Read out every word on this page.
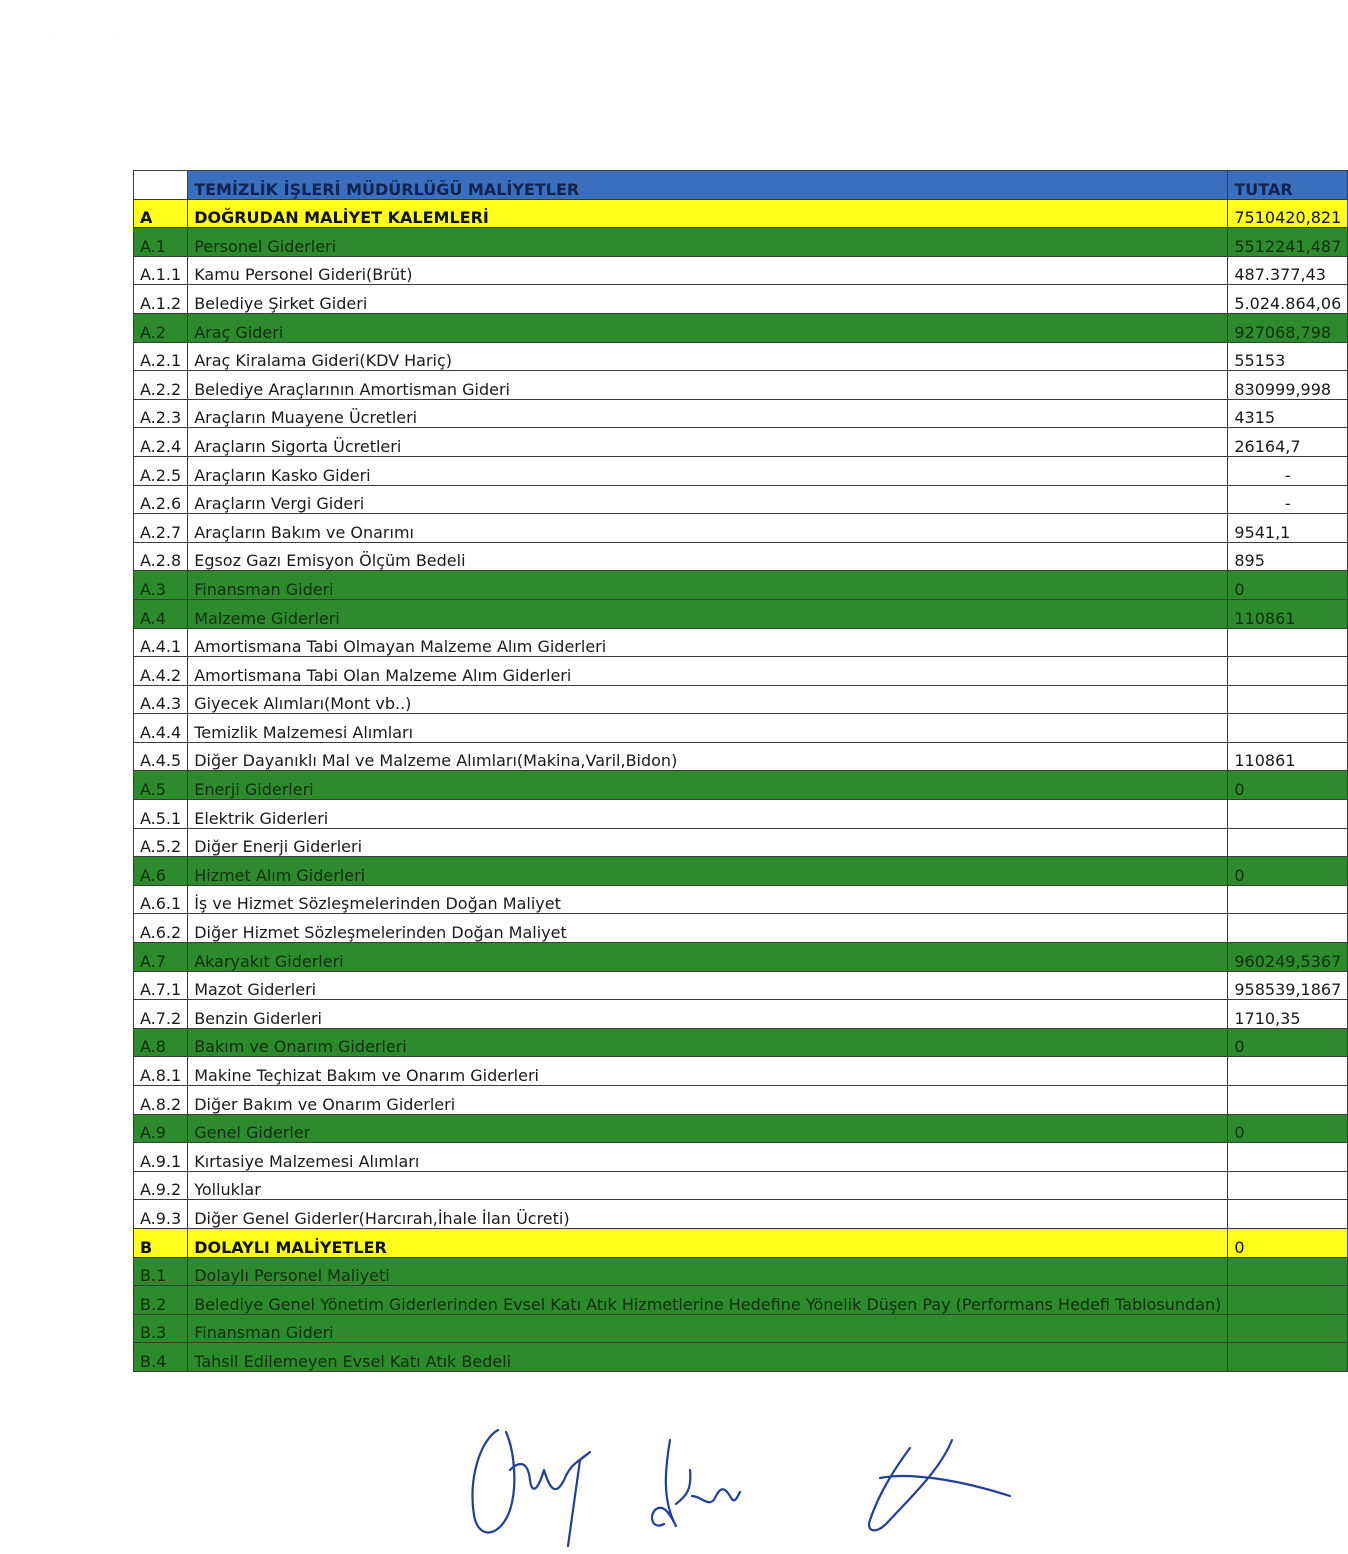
	TEMİZLİK İŞLERİ MÜDÜRLÜĞÜ MALİYETLER	TUTAR
A	DOĞRUDAN MALİYET KALEMLERİ	7510420,821
A.1	Personel Giderleri	5512241,487
A.1.1	Kamu Personel Gideri(Brüt)	487.377,43
A.1.2	Belediye Şirket Gideri	5.024.864,06
A.2	Araç Gideri	927068,798
A.2.1	Araç Kiralama Gideri(KDV Hariç)	55153
A.2.2	Belediye Araçlarının Amortisman Gideri	830999,998
A.2.3	Araçların Muayene Ücretleri	4315
A.2.4	Araçların Sigorta Ücretleri	26164,7
A.2.5	Araçların Kasko Gideri	-
A.2.6	Araçların Vergi Gideri	-
A.2.7	Araçların Bakım ve Onarımı	9541,1
A.2.8	Egsoz Gazı Emisyon Ölçüm Bedeli	895
A.3	Finansman Gideri	0
A.4	Malzeme Giderleri	110861
A.4.1	Amortismana Tabi Olmayan Malzeme Alım Giderleri	
A.4.2	Amortismana Tabi Olan Malzeme Alım Giderleri	
A.4.3	Giyecek Alımları(Mont vb..)	
A.4.4	Temizlik Malzemesi Alımları	
A.4.5	Diğer Dayanıklı Mal ve Malzeme Alımları(Makina,Varil,Bidon)	110861
A.5	Enerji Giderleri	0
A.5.1	Elektrik Giderleri	
A.5.2	Diğer Enerji Giderleri	
A.6	Hizmet Alım Giderleri	0
A.6.1	İş ve Hizmet Sözleşmelerinden Doğan Maliyet	
A.6.2	Diğer Hizmet Sözleşmelerinden Doğan Maliyet	
A.7	Akaryakıt Giderleri	960249,5367
A.7.1	Mazot Giderleri	958539,1867
A.7.2	Benzin Giderleri	1710,35
A.8	Bakım ve Onarım Giderleri	0
A.8.1	Makine Teçhizat Bakım ve Onarım Giderleri	
A.8.2	Diğer Bakım ve Onarım Giderleri	
A.9	Genel Giderler	0
A.9.1	Kırtasiye Malzemesi Alımları	
A.9.2	Yolluklar	
A.9.3	Diğer Genel Giderler(Harcırah,İhale İlan Ücreti)	
B	DOLAYLI MALİYETLER	0
B.1	Dolaylı Personel Maliyeti	
B.2	Belediye Genel Yönetim Giderlerinden Evsel Katı Atık Hizmetlerine Hedefine Yönelik Düşen Pay (Performans Hedefi Tablosundan)	
B.3	Finansman Gideri	
B.4	Tahsil Edilemeyen Evsel Katı Atık Bedeli	
.	.
